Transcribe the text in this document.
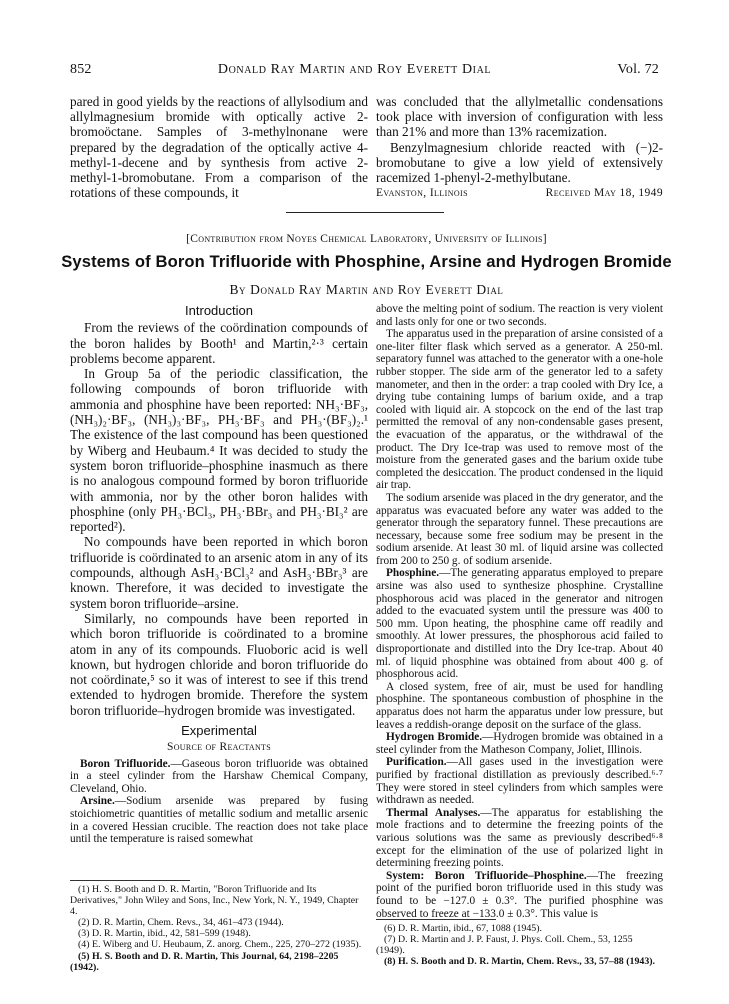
852	Donald Ray Martin and Roy Everett Dial	Vol. 72

pared in good yields by the reactions of allylsodium and allylmagnesium bromide with optically active 2-bromoöctane. Samples of 3-methylnonane were prepared by the degradation of the optically active 4-methyl-1-decene and by synthesis from active 2-methyl-1-bromobutane. From a comparison of the rotations of these compounds, it

was concluded that the allylmetallic condensations took place with inversion of configuration with less than 21% and more than 13% racemization.

Benzylmagnesium chloride reacted with (−)2-bromobutane to give a low yield of extensively racemized 1-phenyl-2-methylbutane.

Evanston, Illinois	Received May 18, 1949
[Contribution from Noyes Chemical Laboratory, University of Illinois]
Systems of Boron Trifluoride with Phosphine, Arsine and Hydrogen Bromide
By Donald Ray Martin and Roy Everett Dial

Introduction

From the reviews of the coördination compounds of the boron halides by Booth¹ and Martin,²·³ certain problems become apparent.

In Group 5a of the periodic classification, the following compounds of boron trifluoride with ammonia and phosphine have been reported: NH₃·BF₃, (NH₃)₂·BF₃, (NH₃)₃·BF₃, PH₃·BF₃ and PH₃·(BF₃)₂.¹ The existence of the last compound has been questioned by Wiberg and Heubaum.⁴ It was decided to study the system boron trifluoride–phosphine inasmuch as there is no analogous compound formed by boron trifluoride with ammonia, nor by the other boron halides with phosphine (only PH₃·BCl₃, PH₃·BBr₃ and PH₃·BI₃² are reported²).

No compounds have been reported in which boron trifluoride is coördinated to an arsenic atom in any of its compounds, although AsH₃·BCl₃² and AsH₃·BBr₃³ are known. Therefore, it was decided to investigate the system boron trifluoride–arsine.

Similarly, no compounds have been reported in which boron trifluoride is coördinated to a bromine atom in any of its compounds. Fluoboric acid is well known, but hydrogen chloride and boron trifluoride do not coördinate,⁵ so it was of interest to see if this trend extended to hydrogen bromide. Therefore the system boron trifluoride–hydrogen bromide was investigated.

Experimental

Source of Reactants

Boron Trifluoride.—Gaseous boron trifluoride was obtained in a steel cylinder from the Harshaw Chemical Company, Cleveland, Ohio.

Arsine.—Sodium arsenide was prepared by fusing stoichiometric quantities of metallic sodium and metallic arsenic in a covered Hessian crucible. The reaction does not take place until the temperature is raised somewhat

above the melting point of sodium. The reaction is very violent and lasts only for one or two seconds.

The apparatus used in the preparation of arsine consisted of a one-liter filter flask which served as a generator. A 250-ml. separatory funnel was attached to the generator with a one-hole rubber stopper. The side arm of the generator led to a safety manometer, and then in the order: a trap cooled with Dry Ice, a drying tube containing lumps of barium oxide, and a trap cooled with liquid air. A stopcock on the end of the last trap permitted the removal of any non-condensable gases present, the evacuation of the apparatus, or the withdrawal of the product. The Dry Ice-trap was used to remove most of the moisture from the generated gases and the barium oxide tube completed the desiccation. The product condensed in the liquid air trap.

The sodium arsenide was placed in the dry generator, and the apparatus was evacuated before any water was added to the generator through the separatory funnel. These precautions are necessary, because some free sodium may be present in the sodium arsenide. At least 30 ml. of liquid arsine was collected from 200 to 250 g. of sodium arsenide.

Phosphine.—The generating apparatus employed to prepare arsine was also used to synthesize phosphine. Crystalline phosphorous acid was placed in the generator and nitrogen added to the evacuated system until the pressure was 400 to 500 mm. Upon heating, the phosphine came off readily and smoothly. At lower pressures, the phosphorous acid failed to disproportionate and distilled into the Dry Ice-trap. About 40 ml. of liquid phosphine was obtained from about 400 g. of phosphorous acid.

A closed system, free of air, must be used for handling phosphine. The spontaneous combustion of phosphine in the apparatus does not harm the apparatus under low pressure, but leaves a reddish-orange deposit on the surface of the glass.

Hydrogen Bromide.—Hydrogen bromide was obtained in a steel cylinder from the Matheson Company, Joliet, Illinois.

Purification.—All gases used in the investigation were purified by fractional distillation as previously described.⁶·⁷ They were stored in steel cylinders from which samples were withdrawn as needed.

Thermal Analyses.—The apparatus for establishing the mole fractions and to determine the freezing points of the various solutions was the same as previously described⁶·⁸ except for the elimination of the use of polarized light in determining freezing points.

System: Boron Trifluoride–Phosphine.—The freezing point of the purified boron trifluoride used in this study was found to be −127.0 ± 0.3°. The purified phosphine was observed to freeze at −133.0 ± 0.3°. This value is

(1) H. S. Booth and D. R. Martin, "Boron Trifluoride and Its Derivatives," John Wiley and Sons, Inc., New York, N. Y., 1949, Chapter 4.

(2) D. R. Martin, Chem. Revs., 34, 461–473 (1944).

(3) D. R. Martin, ibid., 42, 581–599 (1948).

(4) E. Wiberg and U. Heubaum, Z. anorg. Chem., 225, 270–272 (1935).

(5) H. S. Booth and D. R. Martin, This Journal, 64, 2198–2205 (1942).

(6) D. R. Martin, ibid., 67, 1088 (1945).

(7) D. R. Martin and J. P. Faust, J. Phys. Coll. Chem., 53, 1255 (1949).

(8) H. S. Booth and D. R. Martin, Chem. Revs., 33, 57–88 (1943).
